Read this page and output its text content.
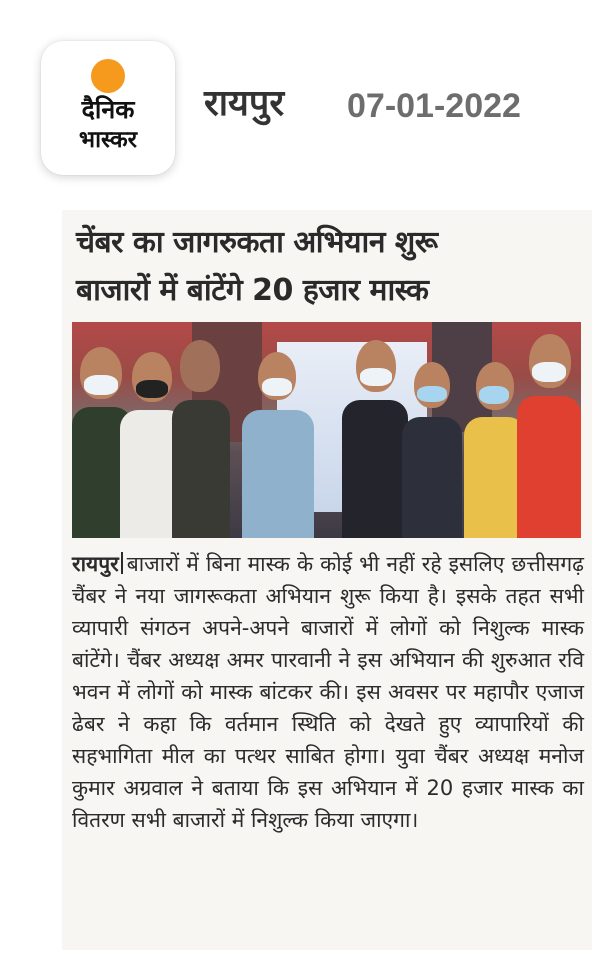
दैनिक
भास्कर
रायपुर 07-01-2022
चेंबर का जागरुकता अभियान शुरू
बाजारों में बांटेंगे 20 हजार मास्क
रायपुर बाजारों में बिना मास्क के कोई भी नहीं रहे इसलिए छत्तीसगढ़ चैंबर ने नया जागरूकता अभियान शुरू किया है। इसके तहत सभी व्यापारी संगठन अपने-अपने बाजारों में लोगों को निशुल्क मास्क बांटेंगे। चैंबर अध्यक्ष अमर पारवानी ने इस अभियान की शुरुआत रवि भवन में लोगों को मास्क बांटकर की। इस अवसर पर महापौर एजाज ढेबर ने कहा कि वर्तमान स्थिति को देखते हुए व्यापारियों की सहभागिता मील का पत्थर साबित होगा। युवा चैंबर अध्यक्ष मनोज कुमार अग्रवाल ने बताया कि इस अभियान में 20 हजार मास्क का वितरण सभी बाजारों में निशुल्क किया जाएगा।
